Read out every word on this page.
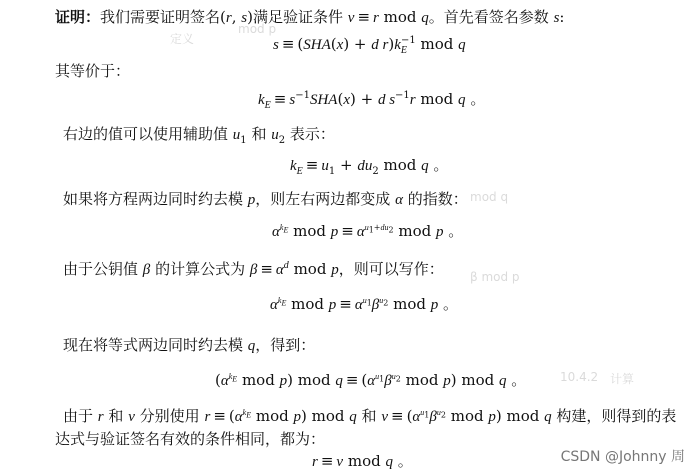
定义
mod p
mod q
β mod p
10.4.2 计算
证明：我们需要证明签名(r, s)满足验证条件 v ≡ r mod q。首先看签名参数 s:
s ≡ (SHA(x) + d $r)k_E^{-1}$ mod q
其等价于：
$k_E \equiv s^{-1}SHA(x) + d$ $s^{-1}r$ mod q 。
右边的值可以使用辅助值 $u_1$ 和 $u_2$ 表示：
$k_E \equiv u_1 + du_2$ mod q 。
如果将方程两边同时约去模 p，则左右两边都变成 α 的指数：
$\alpha^{k_E}$ mod $p \equiv \alpha^{u_1+du_2}$ mod p 。
由于公钥值 β 的计算公式为 $\beta \equiv \alpha^d$ mod p，则可以写作：
$\alpha^{k_E}$ mod $p \equiv \alpha^{u_1}\beta^{u_2}$ mod p 。
现在将等式两边同时约去模 q，得到：
($\alpha^{k_E}$ mod p) mod $q \equiv (\alpha^{u_1}\beta^{u_2}$ mod p) mod q 。
由于 r 和 v 分别使用 $r \equiv (\alpha^{k_E}$ mod p) mod q 和 $v \equiv (\alpha^{u_1}\beta^{u_2}$ mod p) mod q 构建，则得到的表
达式与验证签名有效的条件相同，都为：
r ≡ v mod q 。	CSDN @Johnny 周
